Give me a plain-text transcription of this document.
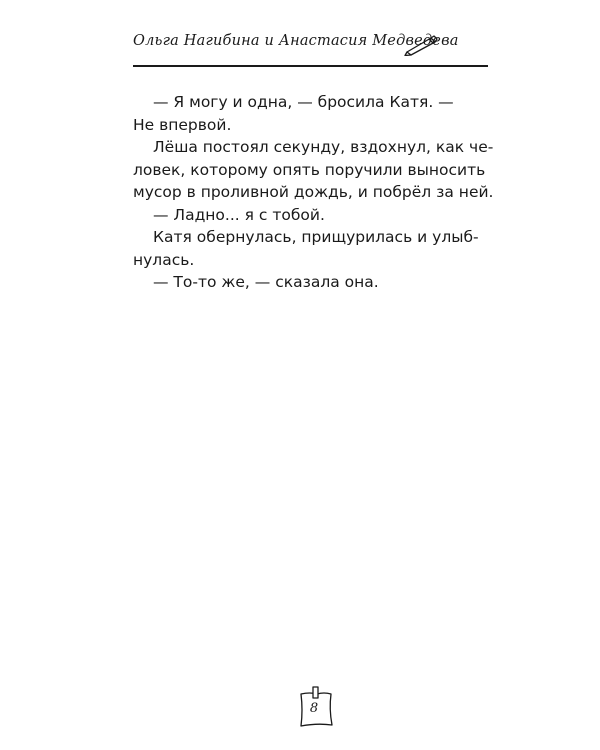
Ольга Нагибина и Анастасия Медведева

— Я могу и одна, — бросила Катя. —
Не впервой.

Лёша постоял секунду, вздохнул, как че-
ловек, которому опять поручили выносить
мусор в проливной дождь, и побрёл за ней.

— Ладно... я с тобой.

Катя обернулась, прищурилась и улыб-
нулась.

— То-то же, — сказала она.

8
